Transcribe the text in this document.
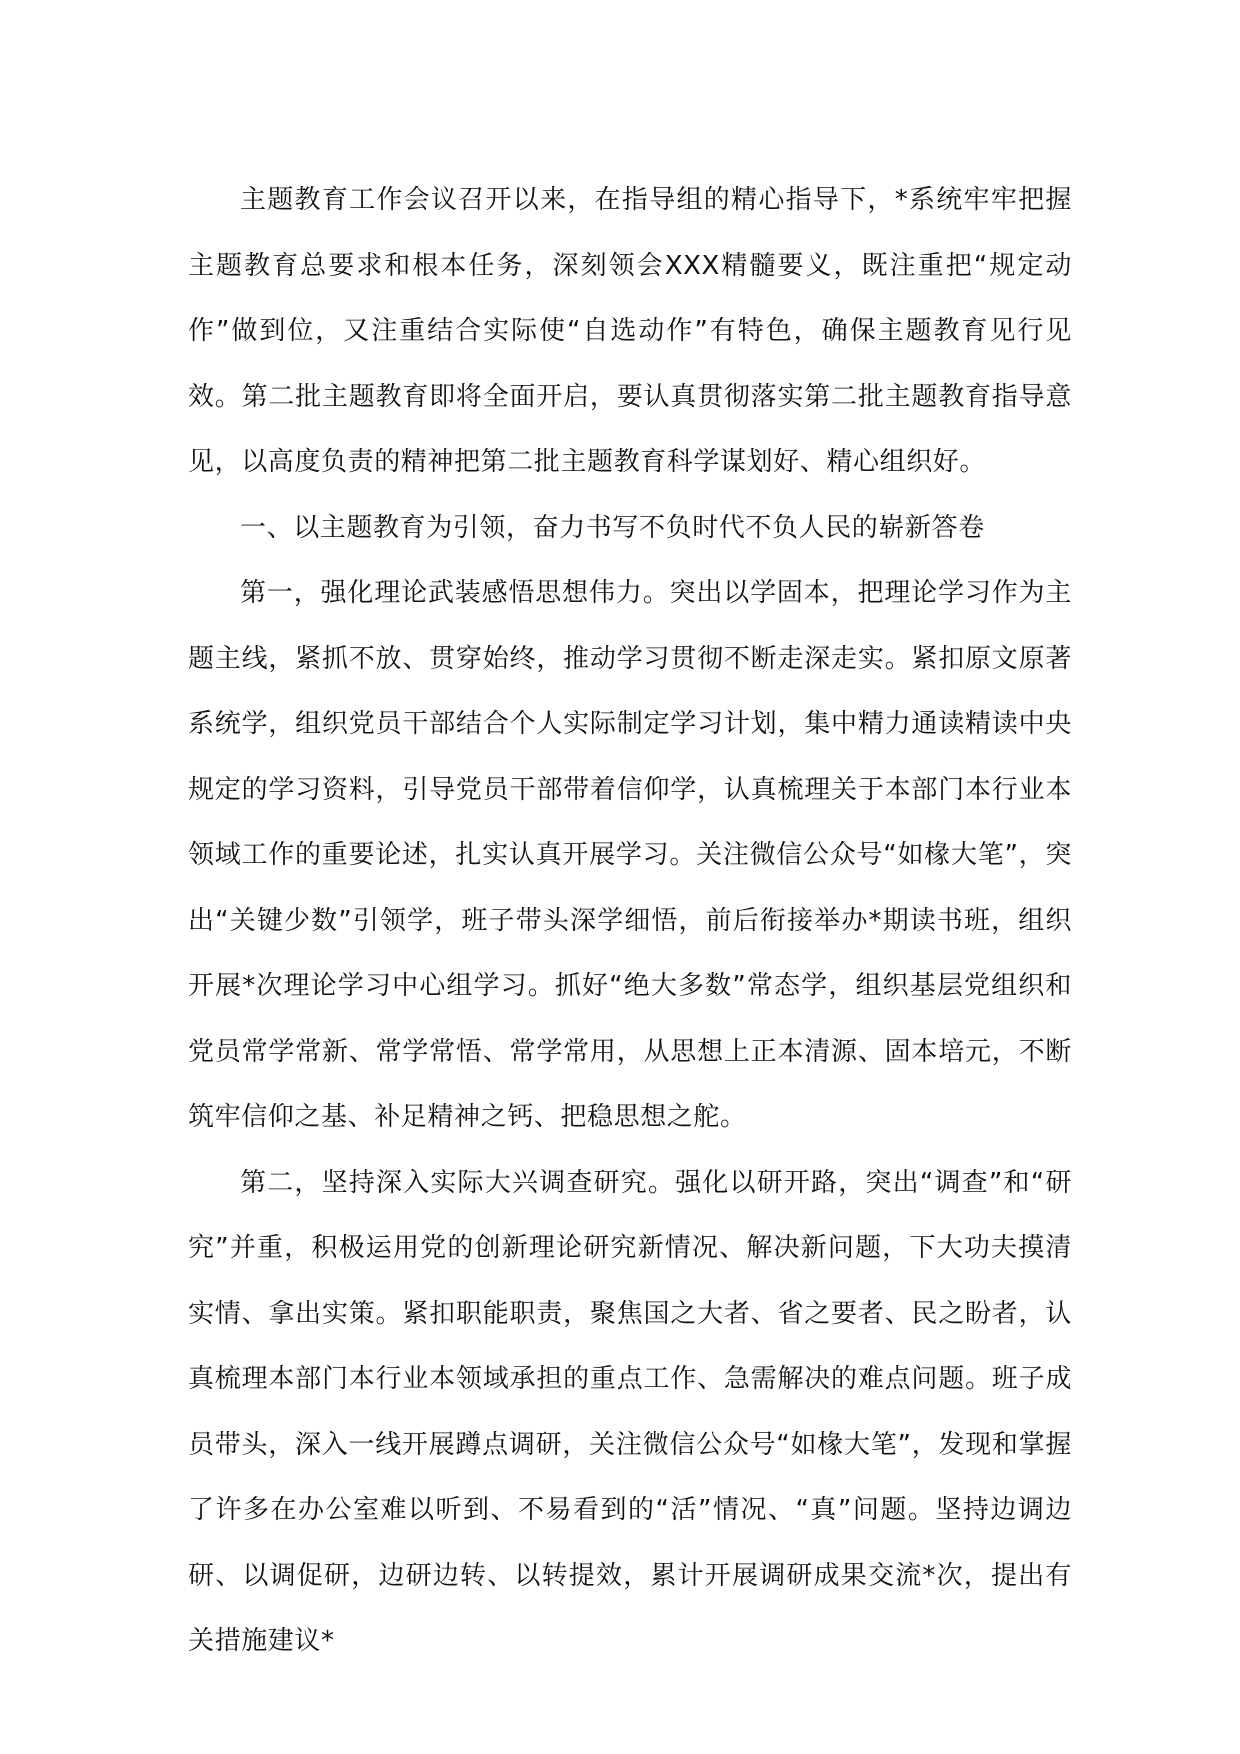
主题教育工作会议召开以来，在指导组的精心指导下，*系统牢牢把握主题教育总要求和根本任务，深刻领会XXX精髓要义，既注重把“规定动作”做到位，又注重结合实际使“自选动作”有特色，确保主题教育见行见效。第二批主题教育即将全面开启，要认真贯彻落实第二批主题教育指导意见，以高度负责的精神把第二批主题教育科学谋划好、精心组织好。

一、以主题教育为引领，奋力书写不负时代不负人民的崭新答卷

第一，强化理论武装感悟思想伟力。突出以学固本，把理论学习作为主题主线，紧抓不放、贯穿始终，推动学习贯彻不断走深走实。紧扣原文原著系统学，组织党员干部结合个人实际制定学习计划，集中精力通读精读中央规定的学习资料，引导党员干部带着信仰学，认真梳理关于本部门本行业本领域工作的重要论述，扎实认真开展学习。关注微信公众号“如椽大笔”，突出“关键少数”引领学，班子带头深学细悟，前后衔接举办*期读书班，组织开展*次理论学习中心组学习。抓好“绝大多数”常态学，组织基层党组织和党员常学常新、常学常悟、常学常用，从思想上正本清源、固本培元，不断筑牢信仰之基、补足精神之钙、把稳思想之舵。

第二，坚持深入实际大兴调查研究。强化以研开路，突出“调查”和“研究”并重，积极运用党的创新理论研究新情况、解决新问题，下大功夫摸清实情、拿出实策。紧扣职能职责，聚焦国之大者、省之要者、民之盼者，认真梳理本部门本行业本领域承担的重点工作、急需解决的难点问题。班子成员带头，深入一线开展蹲点调研，关注微信公众号“如椽大笔”，发现和掌握了许多在办公室难以听到、不易看到的“活”情况、“真”问题。坚持边调边研、以调促研，边研边转、以转提效，累计开展调研成果交流*次，提出有关措施建议*
